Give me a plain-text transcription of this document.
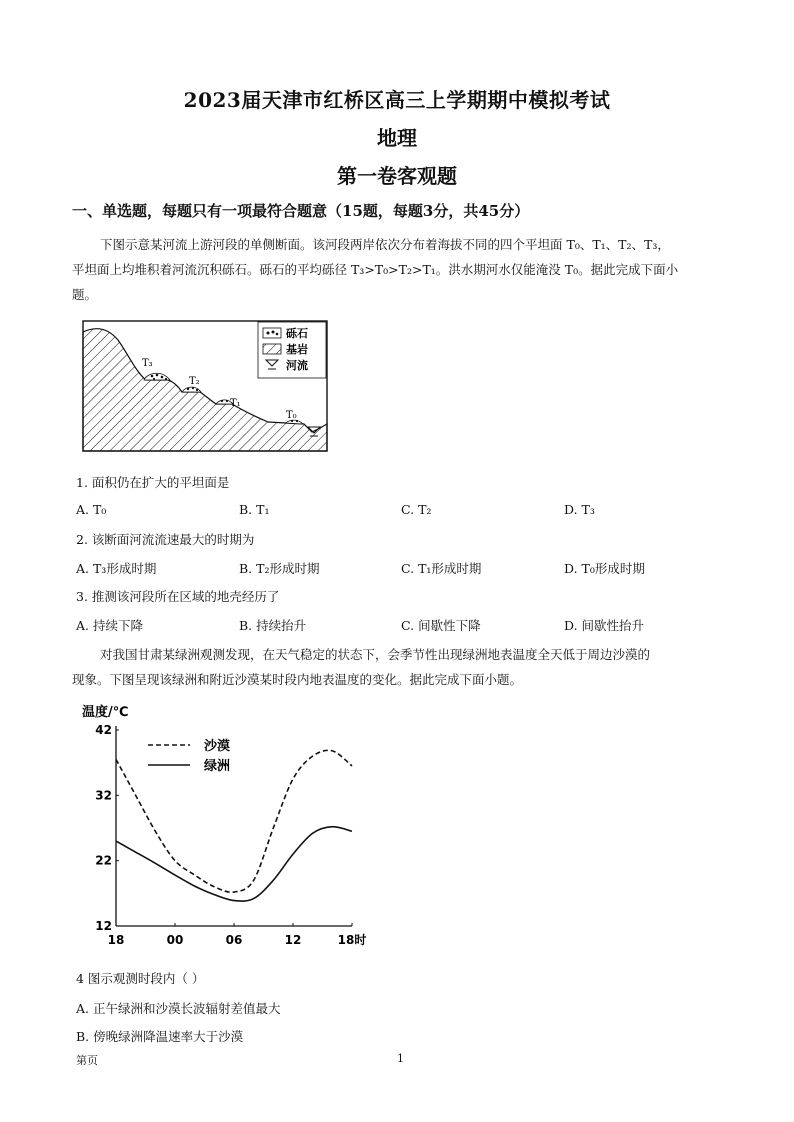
2023届天津市红桥区高三上学期期中模拟考试
地理
第一卷客观题
一、单选题，每题只有一项最符合题意（15题，每题3分，共45分）
下图示意某河流上游河段的单侧断面。该河段两岸依次分布着海拔不同的四个平坦面 T₀、T₁、T₂、T₃，
平坦面上均堆积着河流沉积砾石。砾石的平均砾径 T₃>T₀>T₂>T₁。洪水期河水仅能淹没 T₀。据此完成下面小
题。
T₃
T₂
T₁
T₀
砾石
基岩
河流
1. 面积仍在扩大的平坦面是
A. T₀	B. T₁	C. T₂	D. T₃
2. 该断面河流流速最大的时期为
A. T₃形成时期	B. T₂形成时期	C. T₁形成时期	D. T₀形成时期
3. 推测该河段所在区域的地壳经历了
A. 持续下降	B. 持续抬升	C. 间歇性下降	D. 间歇性抬升
对我国甘肃某绿洲观测发现，在天气稳定的状态下，会季节性出现绿洲地表温度全天低于周边沙漠的
现象。下图呈现该绿洲和附近沙漠某时段内地表温度的变化。据此完成下面小题。
温度/℃
42
32
22
12
18	00	06	12	18时
沙漠
绿洲
4 图示观测时段内（ ）
A. 正午绿洲和沙漠长波辐射差值最大
B. 傍晚绿洲降温速率大于沙漠
第页	1
